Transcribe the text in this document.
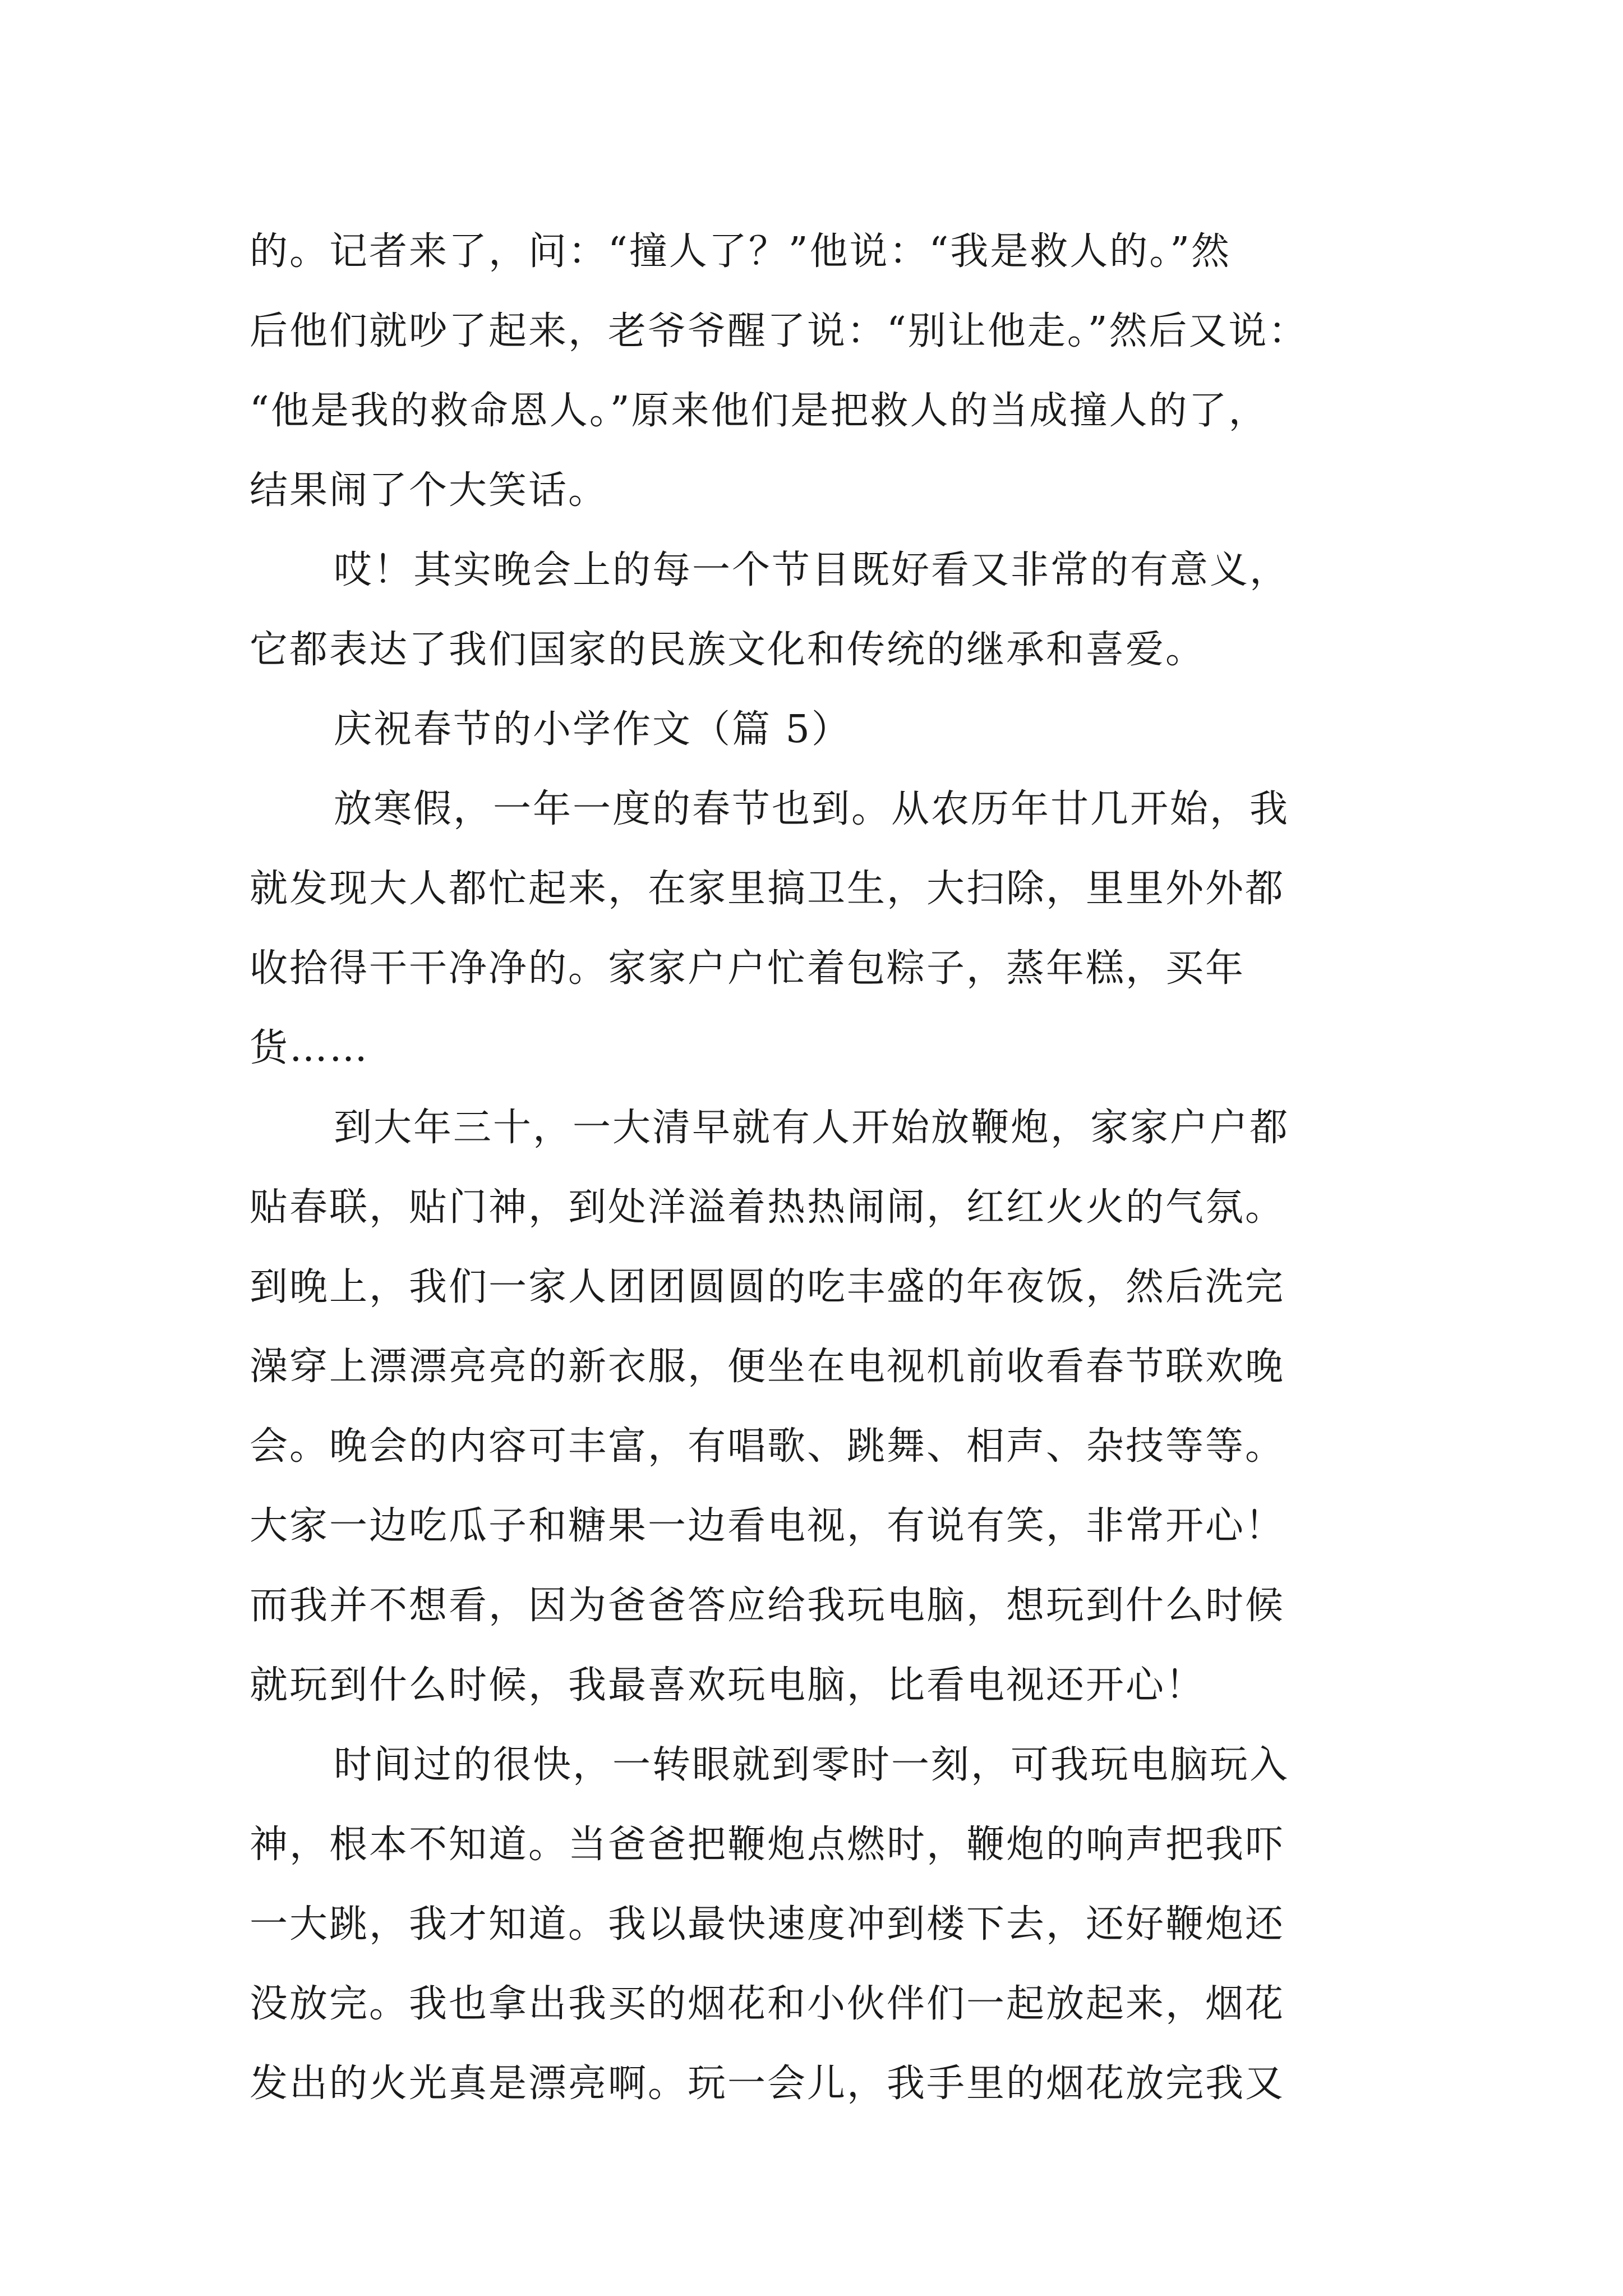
的。记者来了，问：“撞人了？”他说：“我是救人的。”然
后他们就吵了起来，老爷爷醒了说：“别让他走。”然后又说：
“他是我的救命恩人。”原来他们是把救人的当成撞人的了，
结果闹了个大笑话。
哎！其实晚会上的每一个节目既好看又非常的有意义，
它都表达了我们国家的民族文化和传统的继承和喜爱。
庆祝春节的小学作文（篇 5）
放寒假，一年一度的春节也到。从农历年廿几开始，我
就发现大人都忙起来，在家里搞卫生，大扫除，里里外外都
收拾得干干净净的。家家户户忙着包粽子，蒸年糕，买年
货……
到大年三十，一大清早就有人开始放鞭炮，家家户户都
贴春联，贴门神，到处洋溢着热热闹闹，红红火火的气氛。
到晚上，我们一家人团团圆圆的吃丰盛的年夜饭，然后洗完
澡穿上漂漂亮亮的新衣服，便坐在电视机前收看春节联欢晚
会。晚会的内容可丰富，有唱歌、跳舞、相声、杂技等等。
大家一边吃瓜子和糖果一边看电视，有说有笑，非常开心！
而我并不想看，因为爸爸答应给我玩电脑，想玩到什么时候
就玩到什么时候，我最喜欢玩电脑，比看电视还开心！
时间过的很快，一转眼就到零时一刻，可我玩电脑玩入
神，根本不知道。当爸爸把鞭炮点燃时，鞭炮的响声把我吓
一大跳，我才知道。我以最快速度冲到楼下去，还好鞭炮还
没放完。我也拿出我买的烟花和小伙伴们一起放起来，烟花
发出的火光真是漂亮啊。玩一会儿，我手里的烟花放完我又
